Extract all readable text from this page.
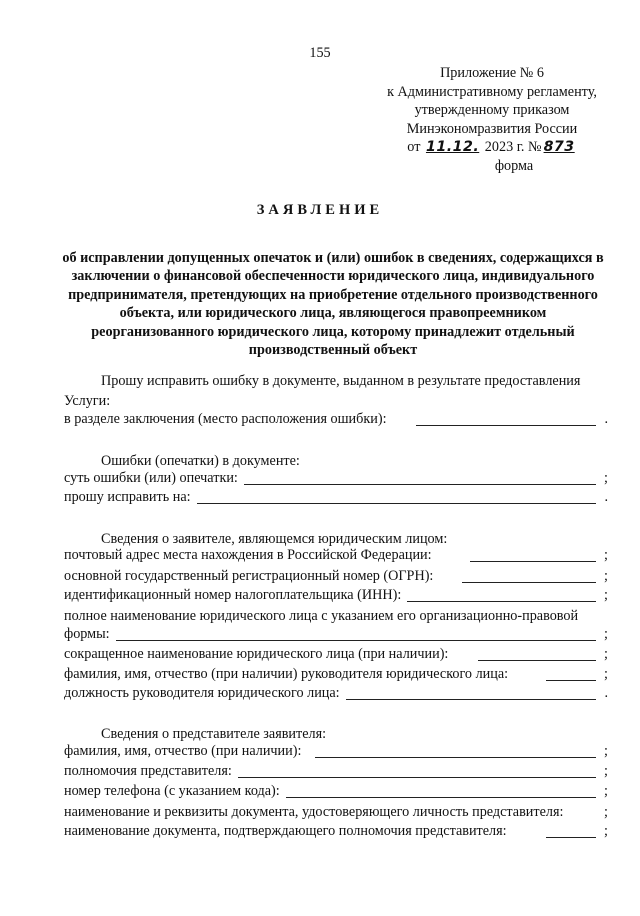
155
Приложение № 6
к Административному регламенту,
утвержденному приказом
Минэкономразвития России
от 11.12. 2023 г. № 873
форма
ЗАЯВЛЕНИЕ
об исправлении допущенных опечаток и (или) ошибок в сведениях, содержащихся в заключении о финансовой обеспеченности юридического лица, индивидуального предпринимателя, претендующих на приобретение отдельного производственного объекта, или юридического лица, являющегося правопреемником реорганизованного юридического лица, которому принадлежит отдельный производственный объект
Прошу исправить ошибку в документе, выданном в результате предоставления
Услуги:
в разделе заключения (место расположения ошибки):	.
Ошибки (опечатки) в документе:
суть ошибки (или) опечатки:	;
прошу исправить на:	.
Сведения о заявителе, являющемся юридическим лицом:
почтовый адрес места нахождения в Российской Федерации:	;
основной государственный регистрационный номер (ОГРН):	;
идентификационный номер налогоплательщика (ИНН):	;
полное наименование юридического лица с указанием его организационно-правовой
формы:	;
сокращенное наименование юридического лица (при наличии):	;
фамилия, имя, отчество (при наличии) руководителя юридического лица:	;
должность руководителя юридического лица:	.
Сведения о представителе заявителя:
фамилия, имя, отчество (при наличии):	;
полномочия представителя:	;
номер телефона (с указанием кода):	;
наименование и реквизиты документа, удостоверяющего личность представителя:	;
наименование документа, подтверждающего полномочия представителя:	;
